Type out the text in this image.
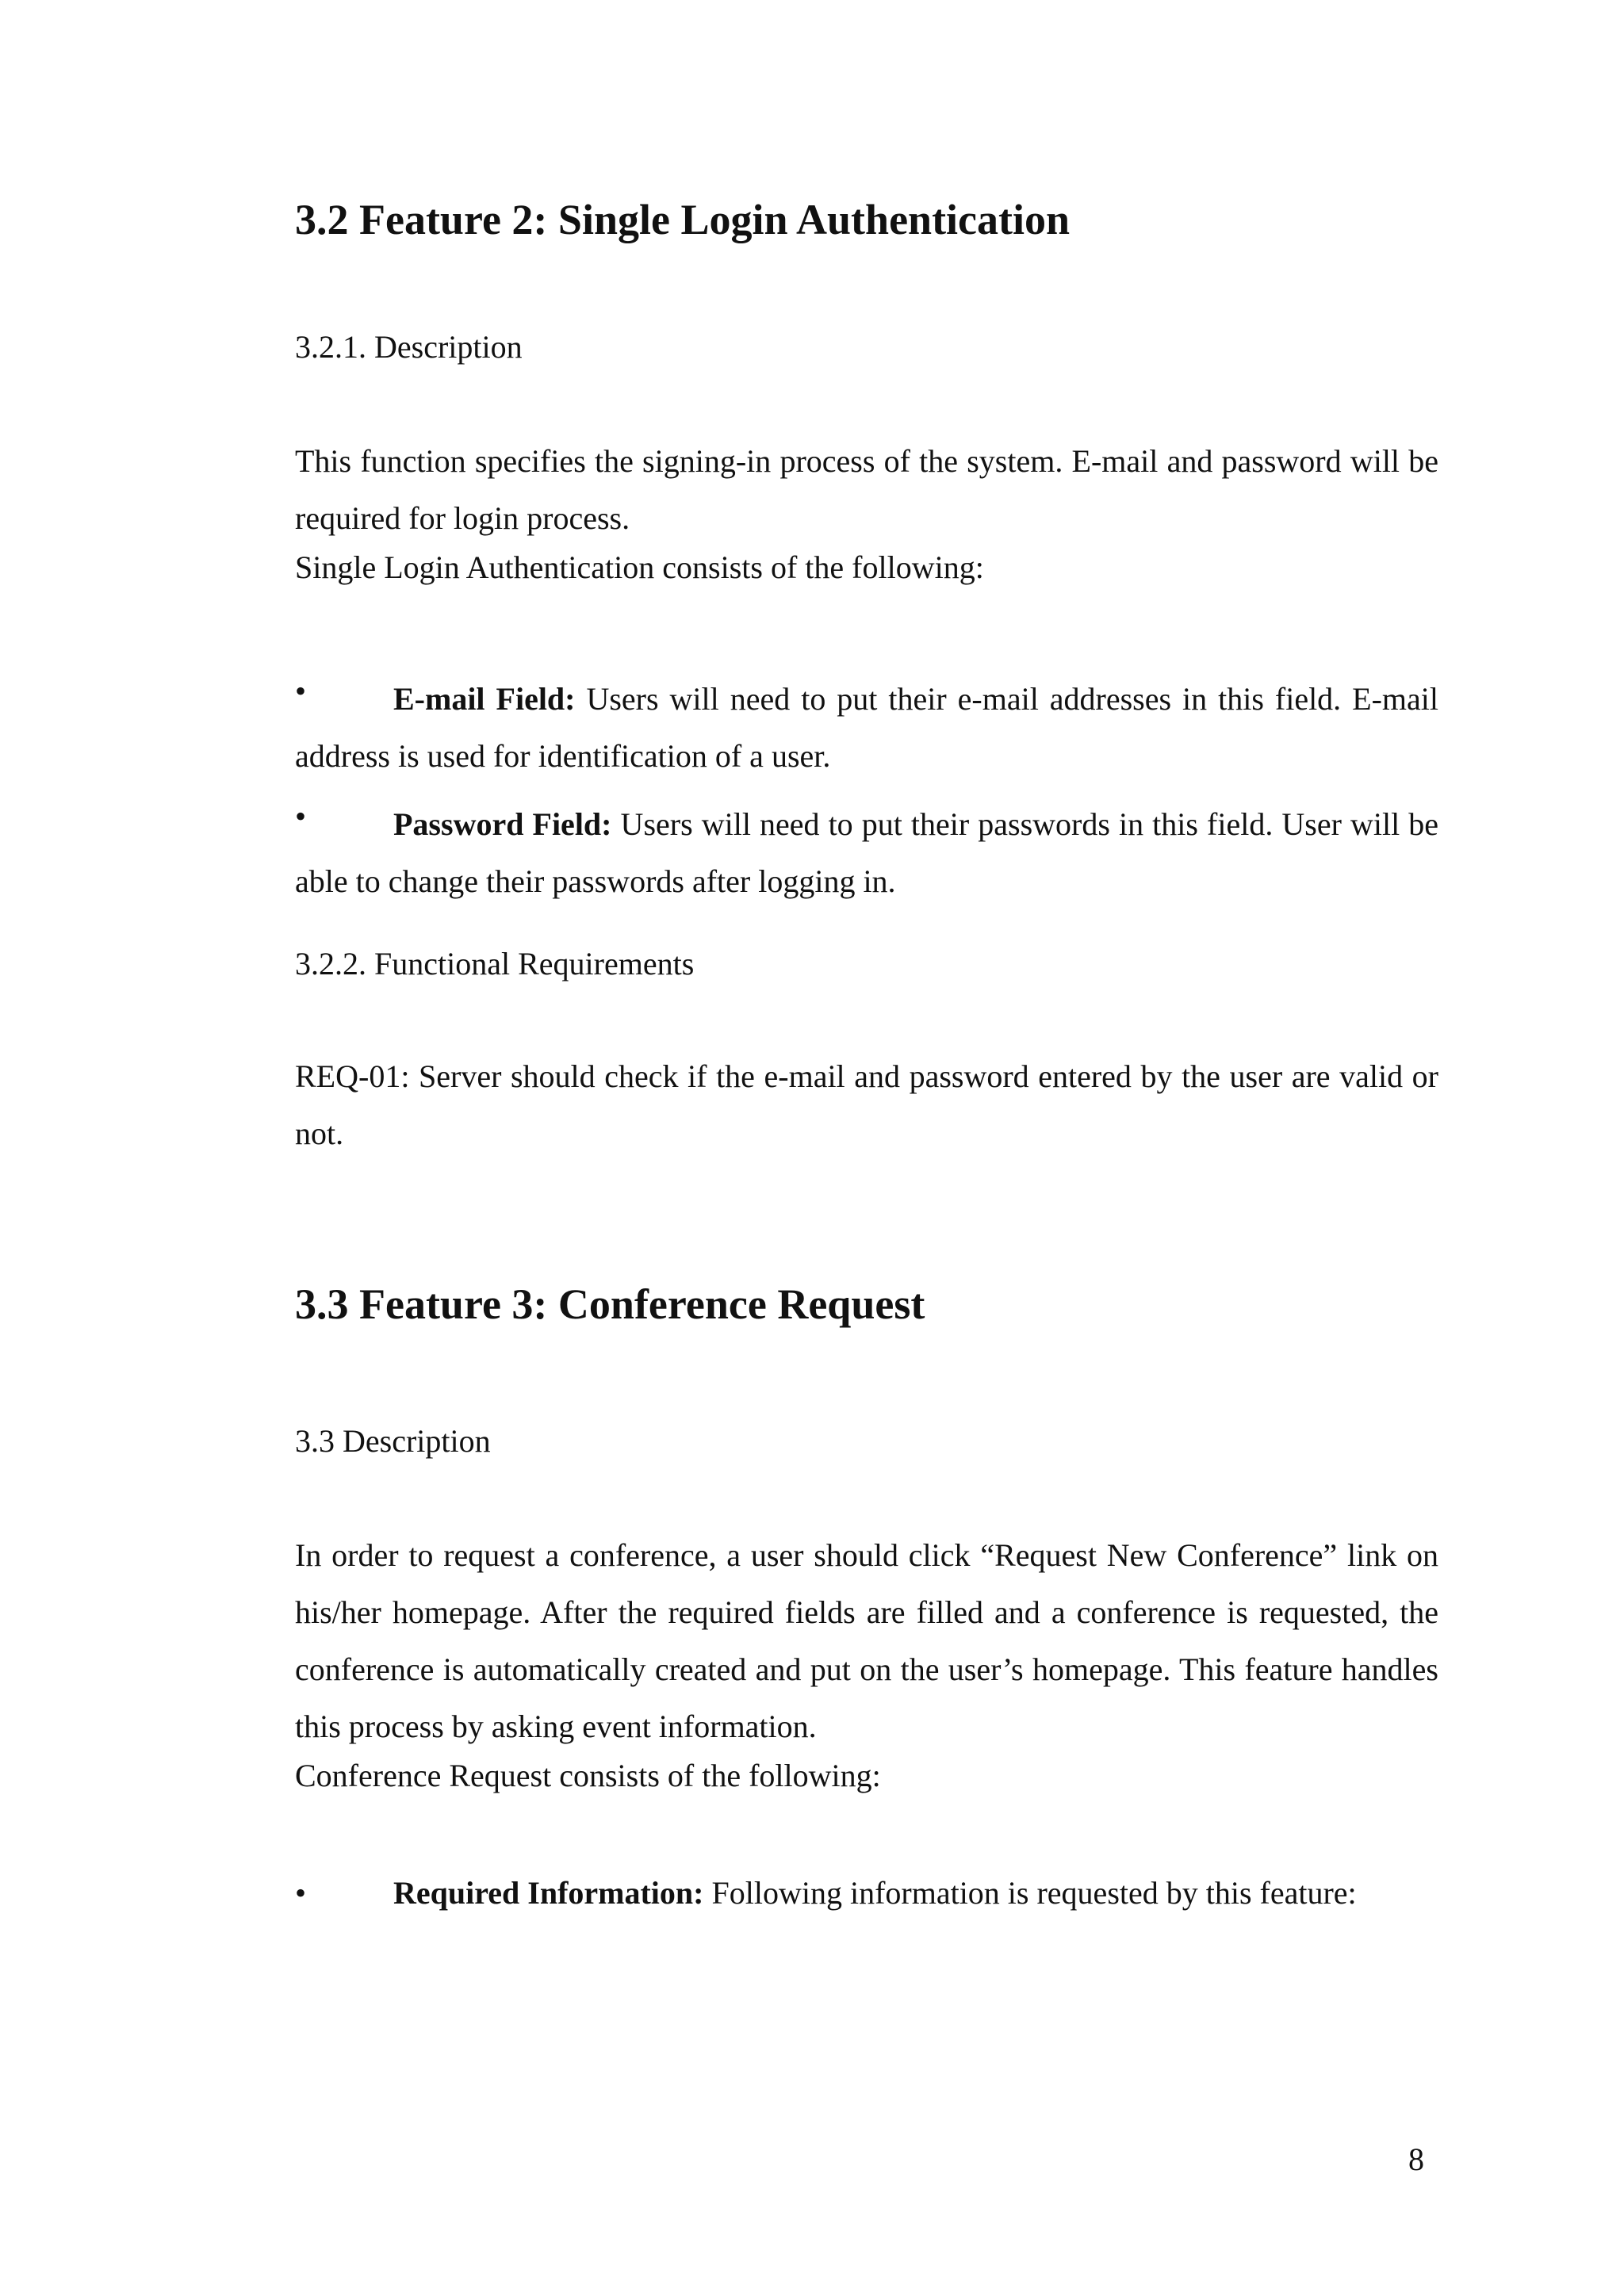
3.2 Feature 2: Single Login Authentication
3.2.1. Description
This function specifies the signing-in process of the system. E-mail and password will be required for login process.
Single Login Authentication consists of the following:
•	E-mail Field: Users will need to put their e-mail addresses in this field. E-mail address is used for identification of a user.
•	Password Field: Users will need to put their passwords in this field. User will be able to change their passwords after logging in.
3.2.2. Functional Requirements
REQ-01: Server should check if the e-mail and password entered by the user are valid or not.
3.3 Feature 3: Conference Request
3.3 Description
In order to request a conference, a user should click “Request New Conference” link on his/her homepage. After the required fields are filled and a conference is requested, the conference is automatically created and put on the user’s homepage. This feature handles this process by asking event information.
Conference Request consists of the following:
•	Required Information: Following information is requested by this feature:
8
